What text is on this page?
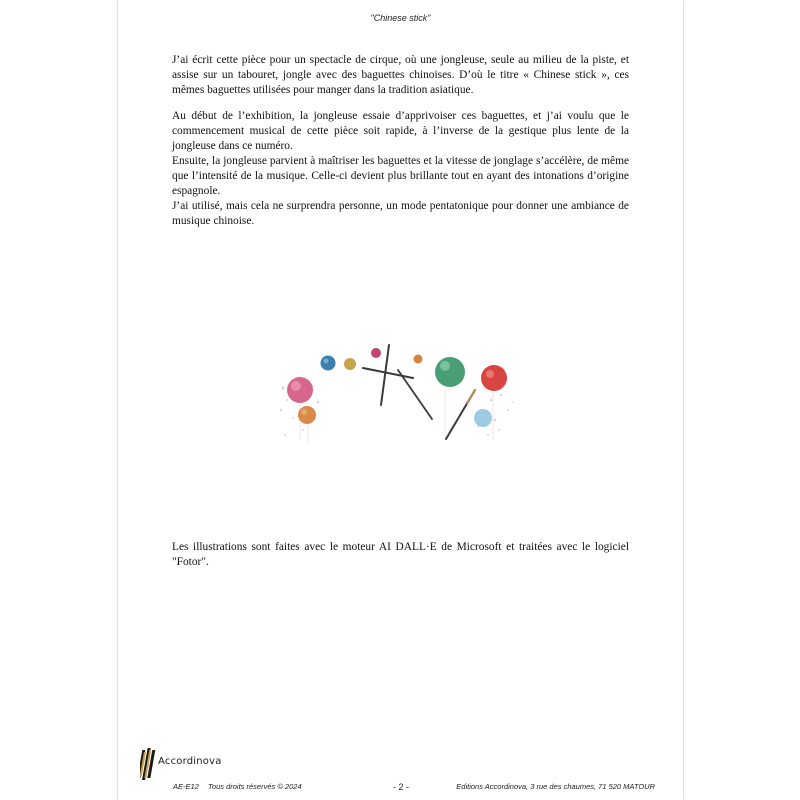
"Chinese stick"

J’ai écrit cette pièce pour un spectacle de cirque, où une jongleuse, seule au milieu de la piste, et assise sur un tabouret, jongle avec des baguettes chinoises. D’où le titre « Chinese stick », ces mêmes baguettes utilisées pour manger dans la tradition asiatique.

Au début de l’exhibition, la jongleuse essaie d’apprivoiser ces baguettes, et j’ai voulu que le commencement musical de cette pièce soit rapide, à l’inverse de la gestique plus lente de la jongleuse dans ce numéro.

Ensuite, la jongleuse parvient à maîtriser les baguettes et la vitesse de jonglage s’accélère, de même que l’intensité de la musique. Celle-ci devient plus brillante tout en ayant des intonations d’origine espagnole.

J’ai utilisé, mais cela ne surprendra personne, un mode pentatonique pour donner une ambiance de musique chinoise.

Les illustrations sont faites avec le moteur AI DALL·E de Microsoft et traitées avec le logiciel "Fotor".

AE-E12 Tous droits réservés © 2024	- 2 -	Editions Accordinova, 3 rue des chaumes, 71 520 MATOUR
Accordinova
